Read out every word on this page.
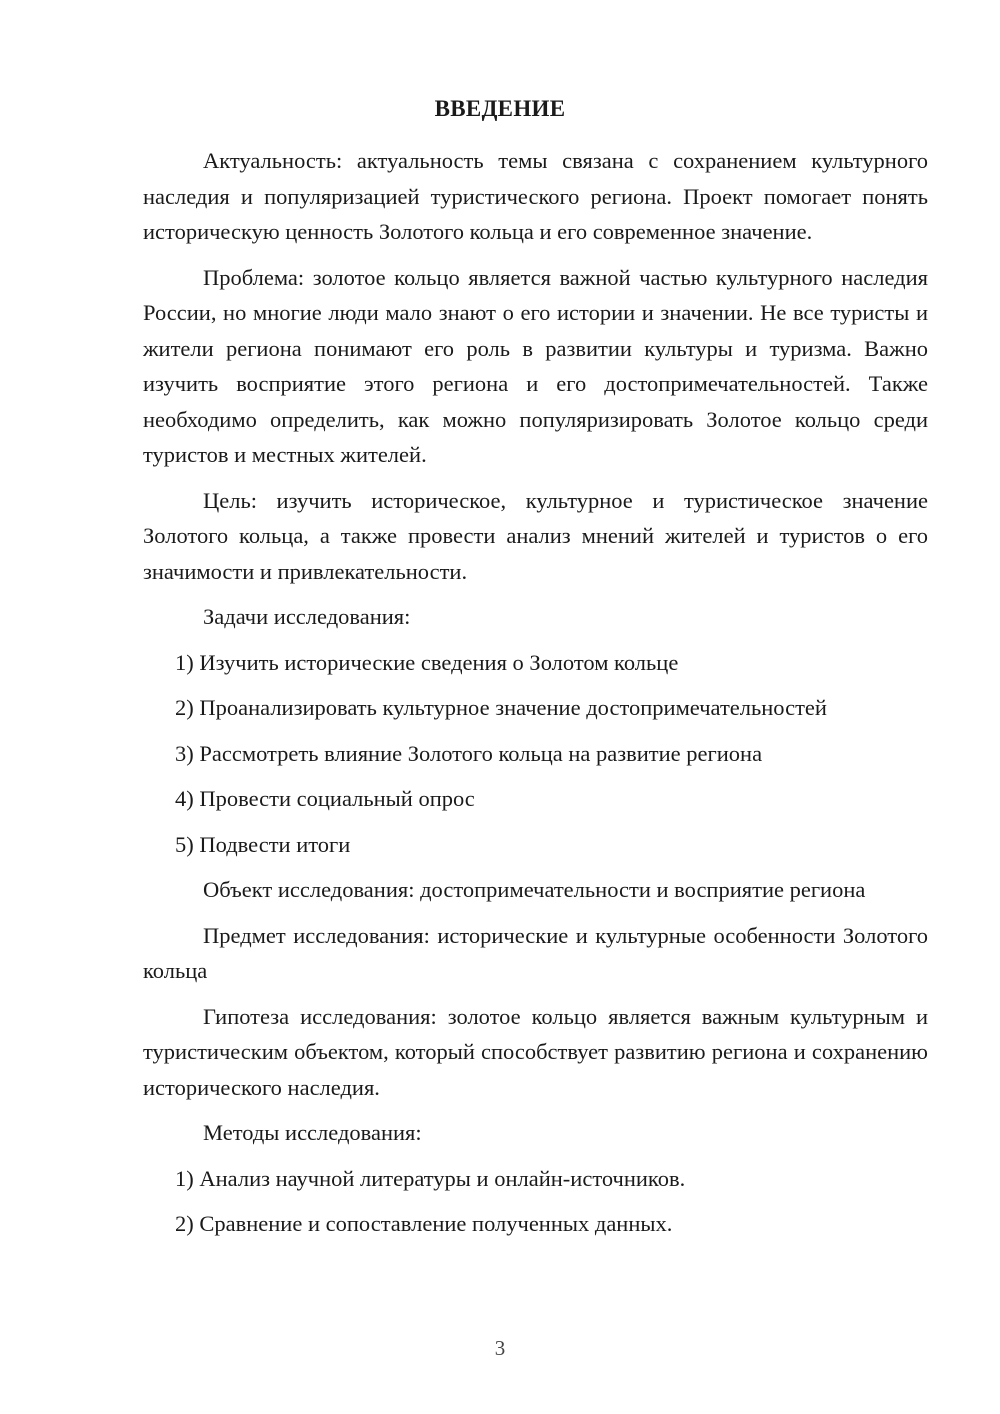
ВВЕДЕНИЕ

Актуальность: актуальность темы связана с сохранением культурного наследия и популяризацией туристического региона. Проект помогает понять историческую ценность Золотого кольца и его современное значение.

Проблема: золотое кольцо является важной частью культурного наследия России, но многие люди мало знают о его истории и значении. Не все туристы и жители региона понимают его роль в развитии культуры и туризма. Важно изучить восприятие этого региона и его достопримечательностей. Также необходимо определить, как можно популяризировать Золотое кольцо среди туристов и местных жителей.

Цель: изучить историческое, культурное и туристическое значение Золотого кольца, а также провести анализ мнений жителей и туристов о его значимости и привлекательности.

Задачи исследования:

1) Изучить исторические сведения о Золотом кольце
2) Проанализировать культурное значение достопримечательностей
3) Рассмотреть влияние Золотого кольца на развитие региона
4) Провести социальный опрос
5) Подвести итоги

Объект исследования: достопримечательности и восприятие региона

Предмет исследования: исторические и культурные особенности Золотого кольца

Гипотеза исследования: золотое кольцо является важным культурным и туристическим объектом, который способствует развитию региона и сохранению исторического наследия.

Методы исследования:

1) Анализ научной литературы и онлайн-источников.
2) Сравнение и сопоставление полученных данных.
3
